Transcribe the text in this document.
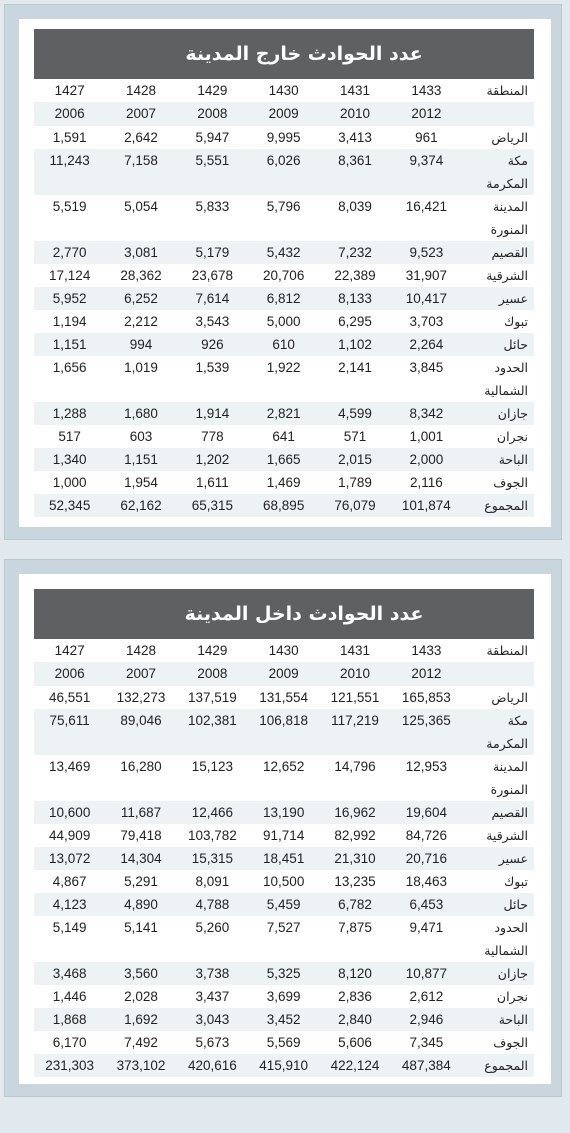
عدد الحوادث خارج المدينة
المنطقة	1433	1431	1430	1429	1428	1427
	2012	2010	2009	2008	2007	2006
الرياض	961	3,413	9,995	5,947	2,642	1,591
مكة المكرمة	9,374	8,361	6,026	5,551	7,158	11,243
المدينة المنورة	16,421	8,039	5,796	5,833	5,054	5,519
القصيم	9,523	7,232	5,432	5,179	3,081	2,770
الشرقية	31,907	22,389	20,706	23,678	28,362	17,124
عسير	10,417	8,133	6,812	7,614	6,252	5,952
تبوك	3,703	6,295	5,000	3,543	2,212	1,194
حائل	2,264	1,102	610	926	994	1,151
الحدود الشمالية	3,845	2,141	1,922	1,539	1,019	1,656
جازان	8,342	4,599	2,821	1,914	1,680	1,288
نجران	1,001	571	641	778	603	517
الباحة	2,000	2,015	1,665	1,202	1,151	1,340
الجوف	2,116	1,789	1,469	1,611	1,954	1,000
المجموع	101,874	76,079	68,895	65,315	62,162	52,345
عدد الحوادث داخل المدينة
المنطقة	1433	1431	1430	1429	1428	1427
	2012	2010	2009	2008	2007	2006
الرياض	165,853	121,551	131,554	137,519	132,273	46,551
مكة المكرمة	125,365	117,219	106,818	102,381	89,046	75,611
المدينة المنورة	12,953	14,796	12,652	15,123	16,280	13,469
القصيم	19,604	16,962	13,190	12,466	11,687	10,600
الشرقية	84,726	82,992	91,714	103,782	79,418	44,909
عسير	20,716	21,310	18,451	15,315	14,304	13,072
تبوك	18,463	13,235	10,500	8,091	5,291	4,867
حائل	6,453	6,782	5,459	4,788	4,890	4,123
الحدود الشمالية	9,471	7,875	7,527	5,260	5,141	5,149
جازان	10,877	8,120	5,325	3,738	3,560	3,468
نجران	2,612	2,836	3,699	3,437	2,028	1,446
الباحة	2,946	2,840	3,452	3,043	1,692	1,868
الجوف	7,345	5,606	5,569	5,673	7,492	6,170
المجموع	487,384	422,124	415,910	420,616	373,102	231,303
